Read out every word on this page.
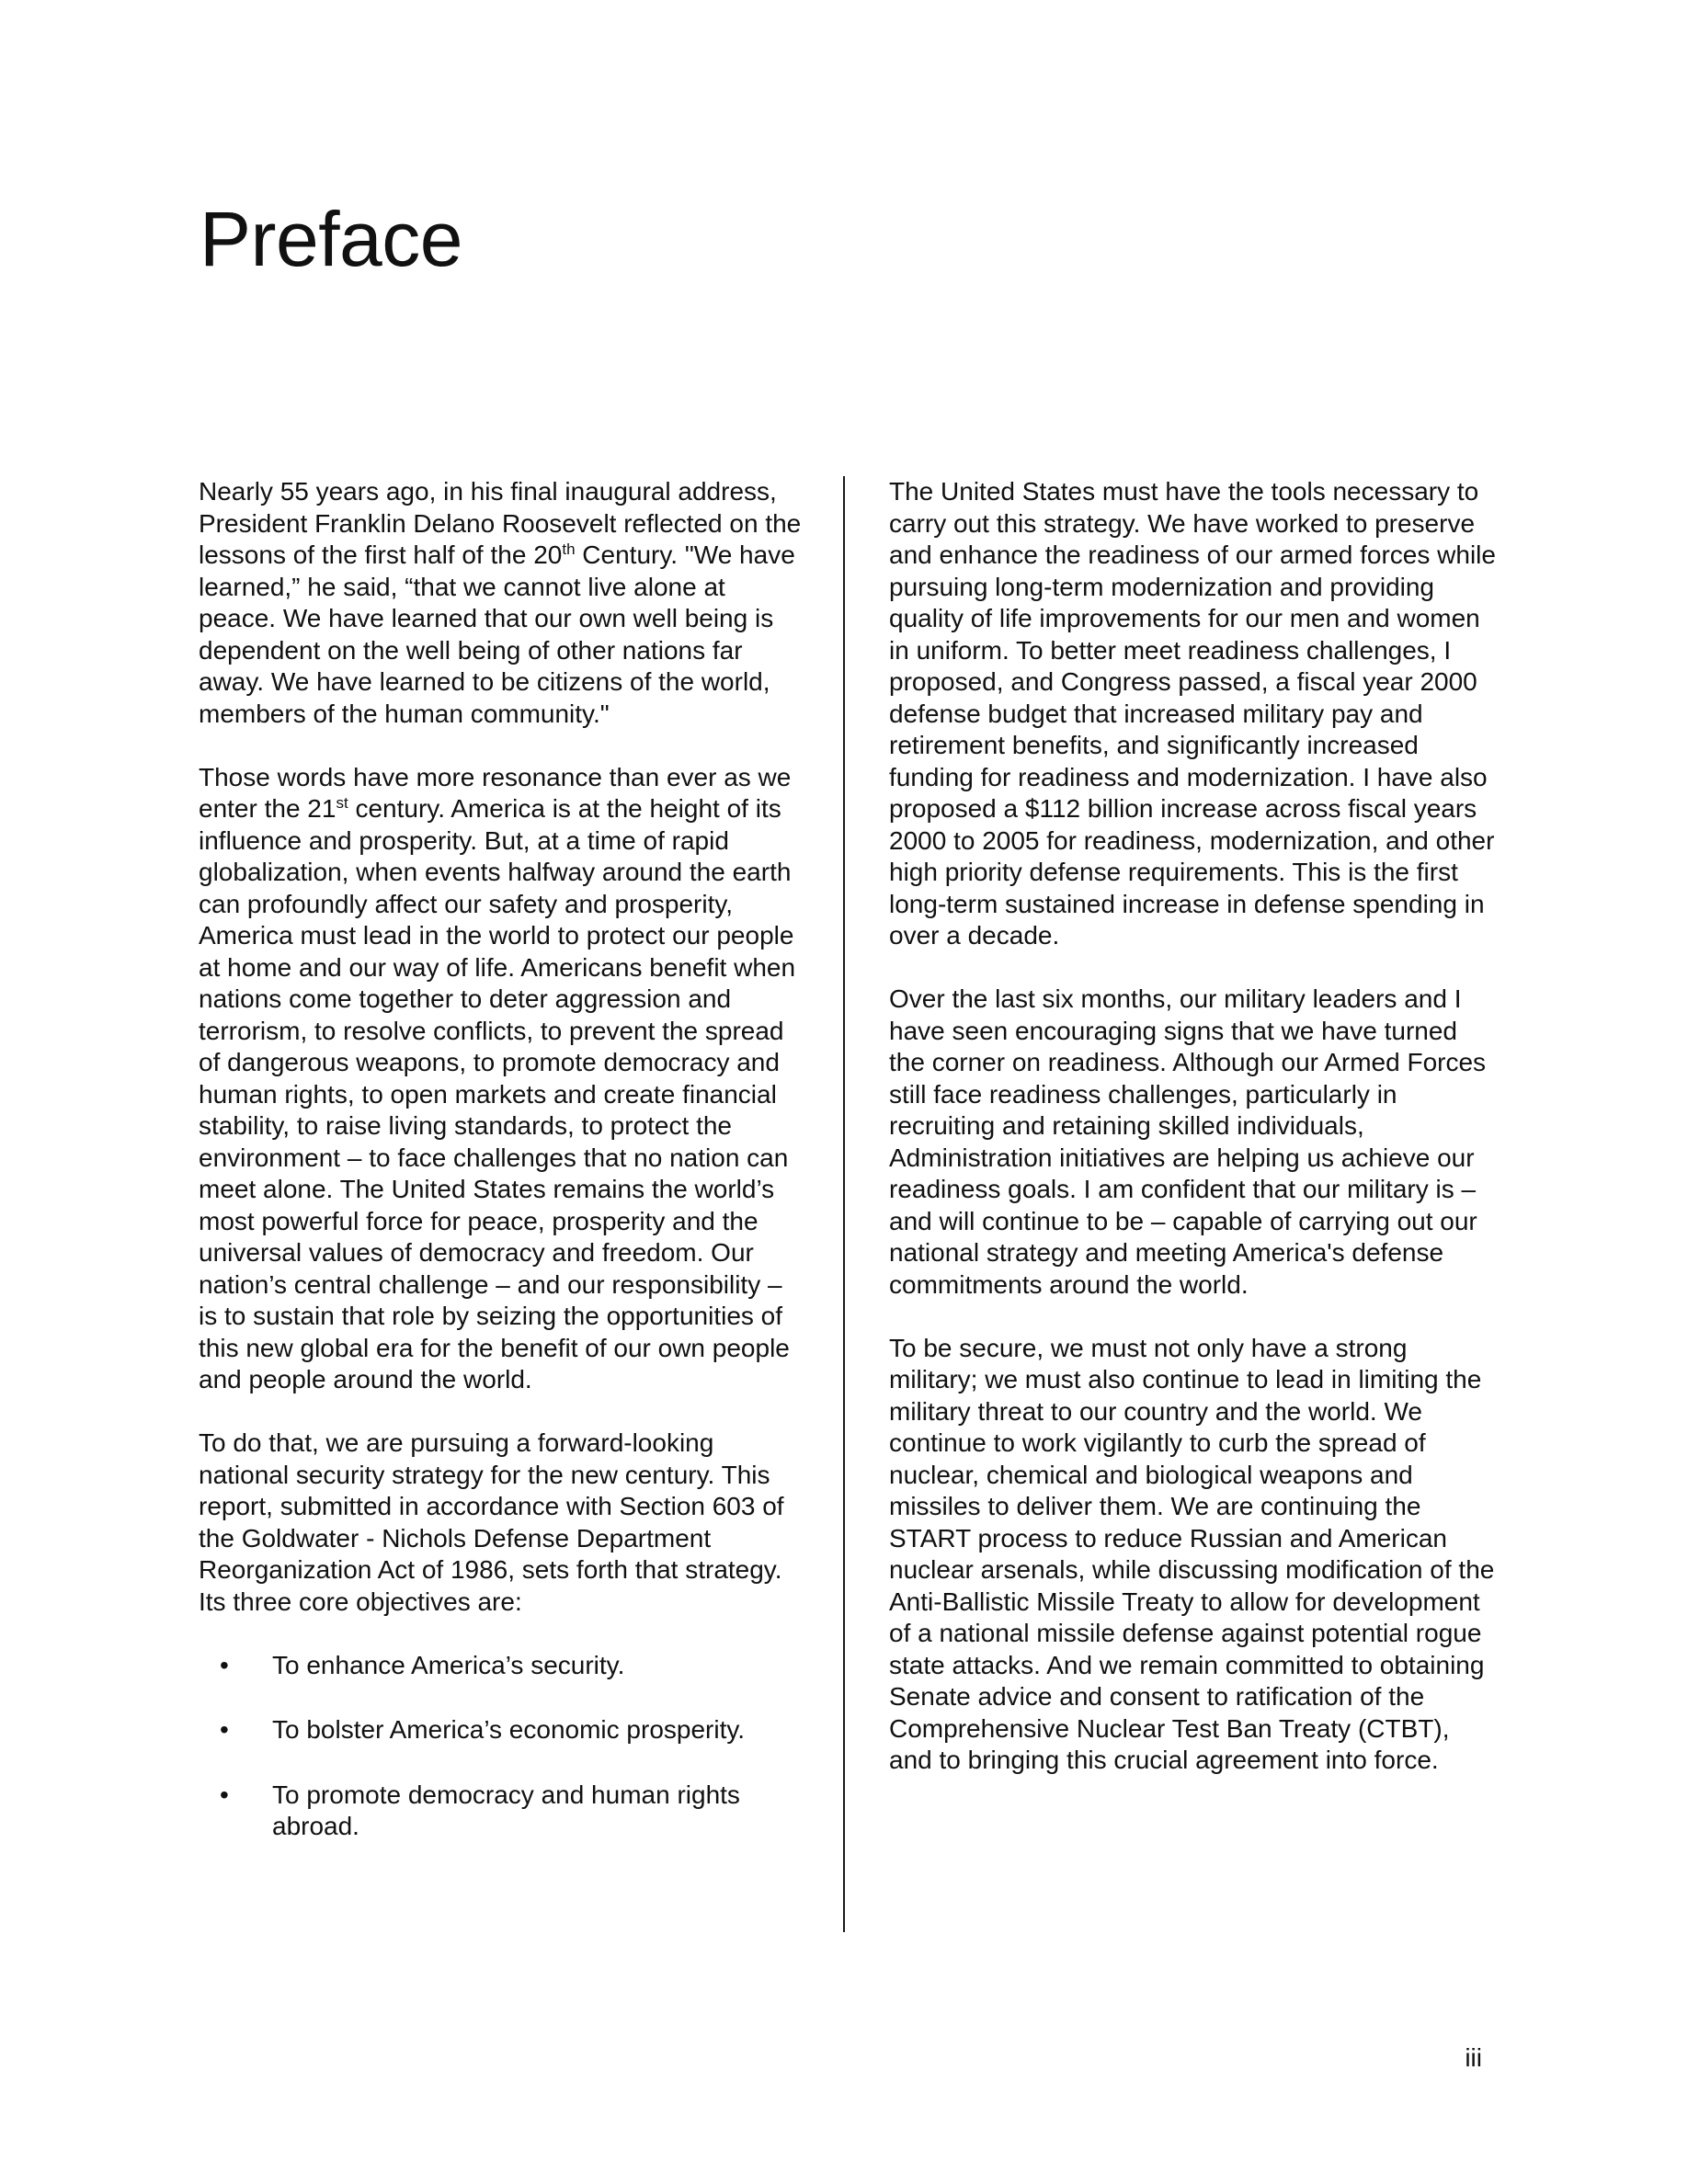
Preface

Nearly 55 years ago, in his final inaugural address, President Franklin Delano Roosevelt reflected on the lessons of the first half of the 20th Century. "We have learned,” he said, “that we cannot live alone at peace. We have learned that our own well being is dependent on the well being of other nations far away. We have learned to be citizens of the world, members of the human community."

Those words have more resonance than ever as we enter the 21st century. America is at the height of its influence and prosperity. But, at a time of rapid globalization, when events halfway around the earth can profoundly affect our safety and prosperity, America must lead in the world to protect our people at home and our way of life. Americans benefit when nations come together to deter aggression and terrorism, to resolve conflicts, to prevent the spread of dangerous weapons, to promote democracy and human rights, to open markets and create financial stability, to raise living standards, to protect the environment – to face challenges that no nation can meet alone. The United States remains the world’s most powerful force for peace, prosperity and the universal values of democracy and freedom. Our nation’s central challenge – and our responsibility – is to sustain that role by seizing the opportunities of this new global era for the benefit of our own people and people around the world.

To do that, we are pursuing a forward-looking national security strategy for the new century. This report, submitted in accordance with Section 603 of the Goldwater - Nichols Defense Department Reorganization Act of 1986, sets forth that strategy. Its three core objectives are:

• To enhance America’s security.
• To bolster America’s economic prosperity.
• To promote democracy and human rights abroad.

The United States must have the tools necessary to carry out this strategy. We have worked to preserve and enhance the readiness of our armed forces while pursuing long-term modernization and providing quality of life improvements for our men and women in uniform. To better meet readiness challenges, I proposed, and Congress passed, a fiscal year 2000 defense budget that increased military pay and retirement benefits, and significantly increased funding for readiness and modernization. I have also proposed a $112 billion increase across fiscal years 2000 to 2005 for readiness, modernization, and other high priority defense requirements. This is the first long-term sustained increase in defense spending in over a decade.

Over the last six months, our military leaders and I have seen encouraging signs that we have turned the corner on readiness. Although our Armed Forces still face readiness challenges, particularly in recruiting and retaining skilled individuals, Administration initiatives are helping us achieve our readiness goals. I am confident that our military is – and will continue to be – capable of carrying out our national strategy and meeting America's defense commitments around the world.

To be secure, we must not only have a strong military; we must also continue to lead in limiting the military threat to our country and the world. We continue to work vigilantly to curb the spread of nuclear, chemical and biological weapons and missiles to deliver them. We are continuing the START process to reduce Russian and American nuclear arsenals, while discussing modification of the Anti-Ballistic Missile Treaty to allow for development of a national missile defense against potential rogue state attacks. And we remain committed to obtaining Senate advice and consent to ratification of the Comprehensive Nuclear Test Ban Treaty (CTBT), and to bringing this crucial agreement into force.

iii
